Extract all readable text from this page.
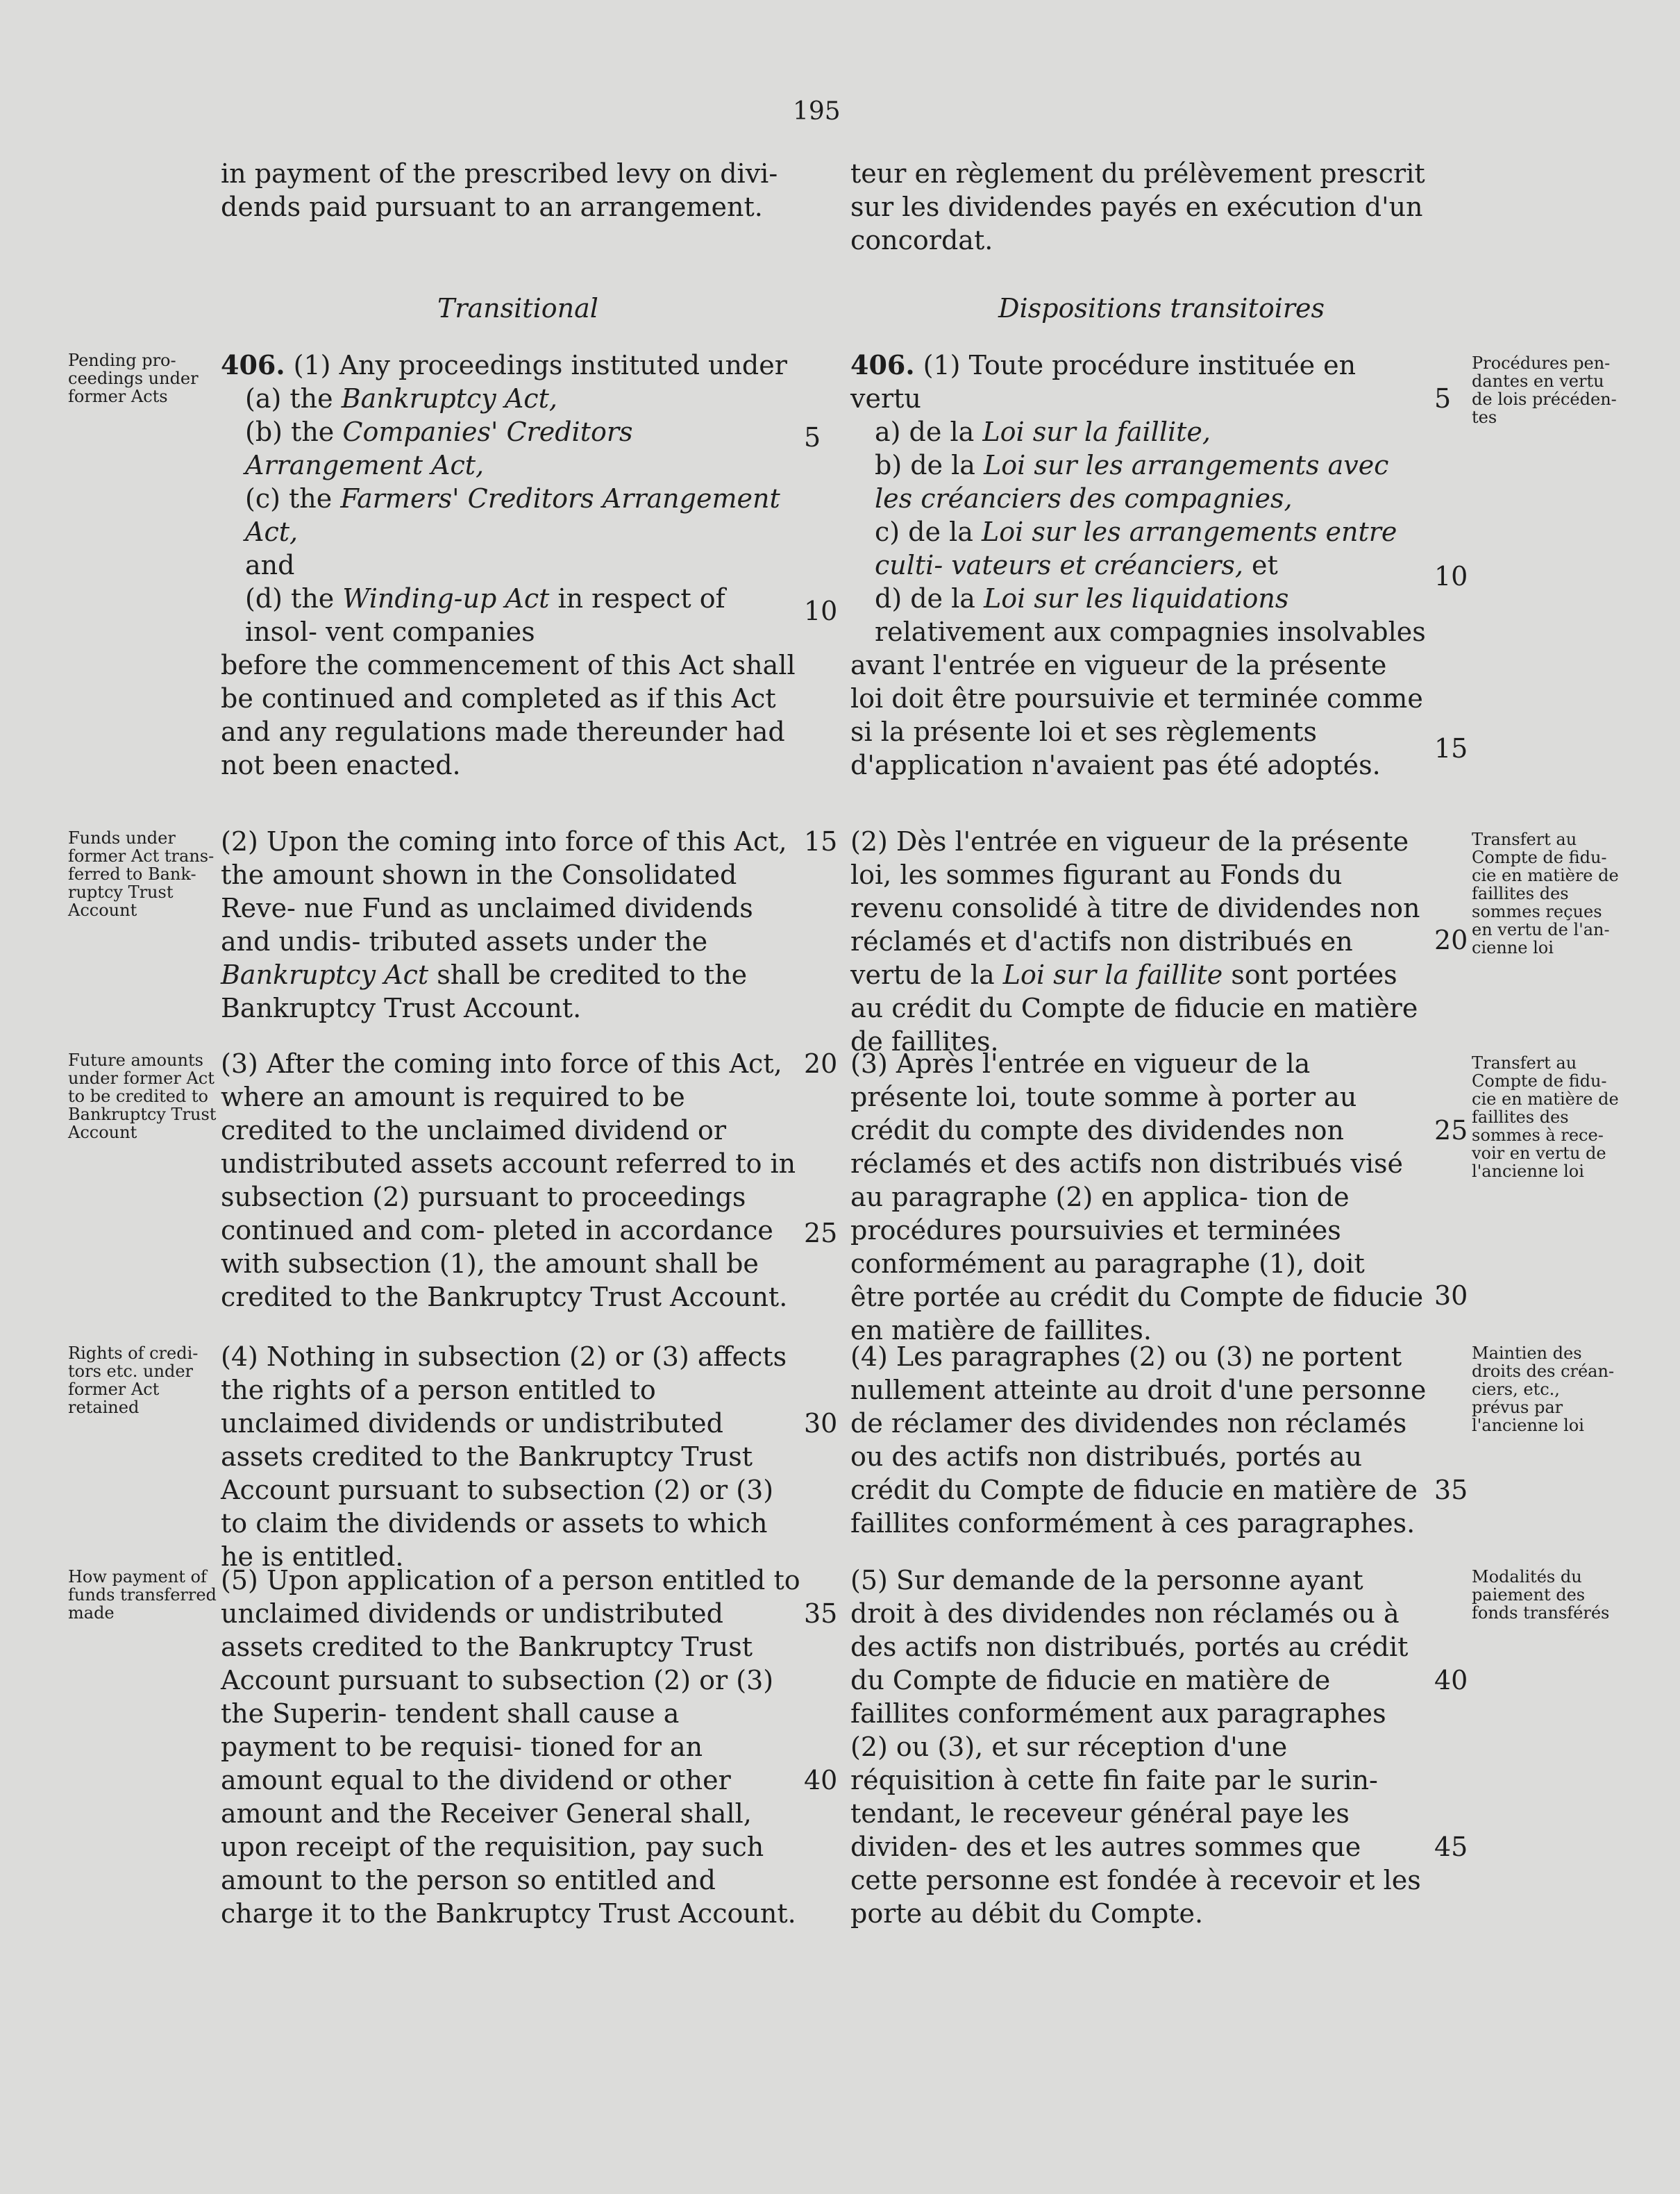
195
in payment of the prescribed levy on divi- dends paid pursuant to an arrangement.
teur en règlement du prélèvement prescrit sur les dividendes payés en exécution d'un concordat.
Transitional	Dispositions transitoires
Pending pro- ceedings under former Acts
Funds under former Act trans- ferred to Bank- ruptcy Trust Account
Future amounts under former Act to be credited to Bankruptcy Trust Account
Rights of credi- tors etc. under former Act retained
How payment of funds transferred made
Procédures pen- dantes en vertu de lois précéden- tes
Transfert au Compte de fidu- cie en matière de faillites des sommes reçues en vertu de l'an- cienne loi
Transfert au Compte de fidu- cie en matière de faillites des sommes à rece- voir en vertu de l'ancienne loi
Maintien des droits des créan- ciers, etc., prévus par l'ancienne loi
Modalités du paiement des fonds transférés
406. (1) Any proceedings instituted under
(a) the Bankruptcy Act,
(b) the Companies' Creditors Arrangement Act,
(c) the Farmers' Creditors Arrangement Act,
and
(d) the Winding-up Act in respect of insol- vent companies
before the commencement of this Act shall be continued and completed as if this Act and any regulations made thereunder had not been enacted.
(2) Upon the coming into force of this Act, the amount shown in the Consolidated Reve- nue Fund as unclaimed dividends and undis- tributed assets under the Bankruptcy Act shall be credited to the Bankruptcy Trust Account.
(3) After the coming into force of this Act, where an amount is required to be credited to the unclaimed dividend or undistributed assets account referred to in subsection (2) pursuant to proceedings continued and com- pleted in accordance with subsection (1), the amount shall be credited to the Bankruptcy Trust Account.
(4) Nothing in subsection (2) or (3) affects the rights of a person entitled to unclaimed dividends or undistributed assets credited to the Bankruptcy Trust Account pursuant to subsection (2) or (3) to claim the dividends or assets to which he is entitled.
(5) Upon application of a person entitled to unclaimed dividends or undistributed assets credited to the Bankruptcy Trust Account pursuant to subsection (2) or (3) the Superin- tendent shall cause a payment to be requisi- tioned for an amount equal to the dividend or other amount and the Receiver General shall, upon receipt of the requisition, pay such amount to the person so entitled and charge it to the Bankruptcy Trust Account.
406. (1) Toute procédure instituée en vertu
a) de la Loi sur la faillite,
b) de la Loi sur les arrangements avec les créanciers des compagnies,
c) de la Loi sur les arrangements entre culti- vateurs et créanciers, et
d) de la Loi sur les liquidations relativement aux compagnies insolvables
avant l'entrée en vigueur de la présente loi doit être poursuivie et terminée comme si la présente loi et ses règlements d'application n'avaient pas été adoptés.
(2) Dès l'entrée en vigueur de la présente loi, les sommes figurant au Fonds du revenu consolidé à titre de dividendes non réclamés et d'actifs non distribués en vertu de la Loi sur la faillite sont portées au crédit du Compte de fiducie en matière de faillites.
(3) Après l'entrée en vigueur de la présente loi, toute somme à porter au crédit du compte des dividendes non réclamés et des actifs non distribués visé au paragraphe (2) en applica- tion de procédures poursuivies et terminées conformément au paragraphe (1), doit être portée au crédit du Compte de fiducie en matière de faillites.
(4) Les paragraphes (2) ou (3) ne portent nullement atteinte au droit d'une personne de réclamer des dividendes non réclamés ou des actifs non distribués, portés au crédit du Compte de fiducie en matière de faillites conformément à ces paragraphes.
(5) Sur demande de la personne ayant droit à des dividendes non réclamés ou à des actifs non distribués, portés au crédit du Compte de fiducie en matière de faillites conformément aux paragraphes (2) ou (3), et sur réception d'une réquisition à cette fin faite par le surin- tendant, le receveur général paye les dividen- des et les autres sommes que cette personne est fondée à recevoir et les porte au débit du Compte.
5
10
15
20
25
30
35
40
5
10
15
20
25
30
35
40
45
